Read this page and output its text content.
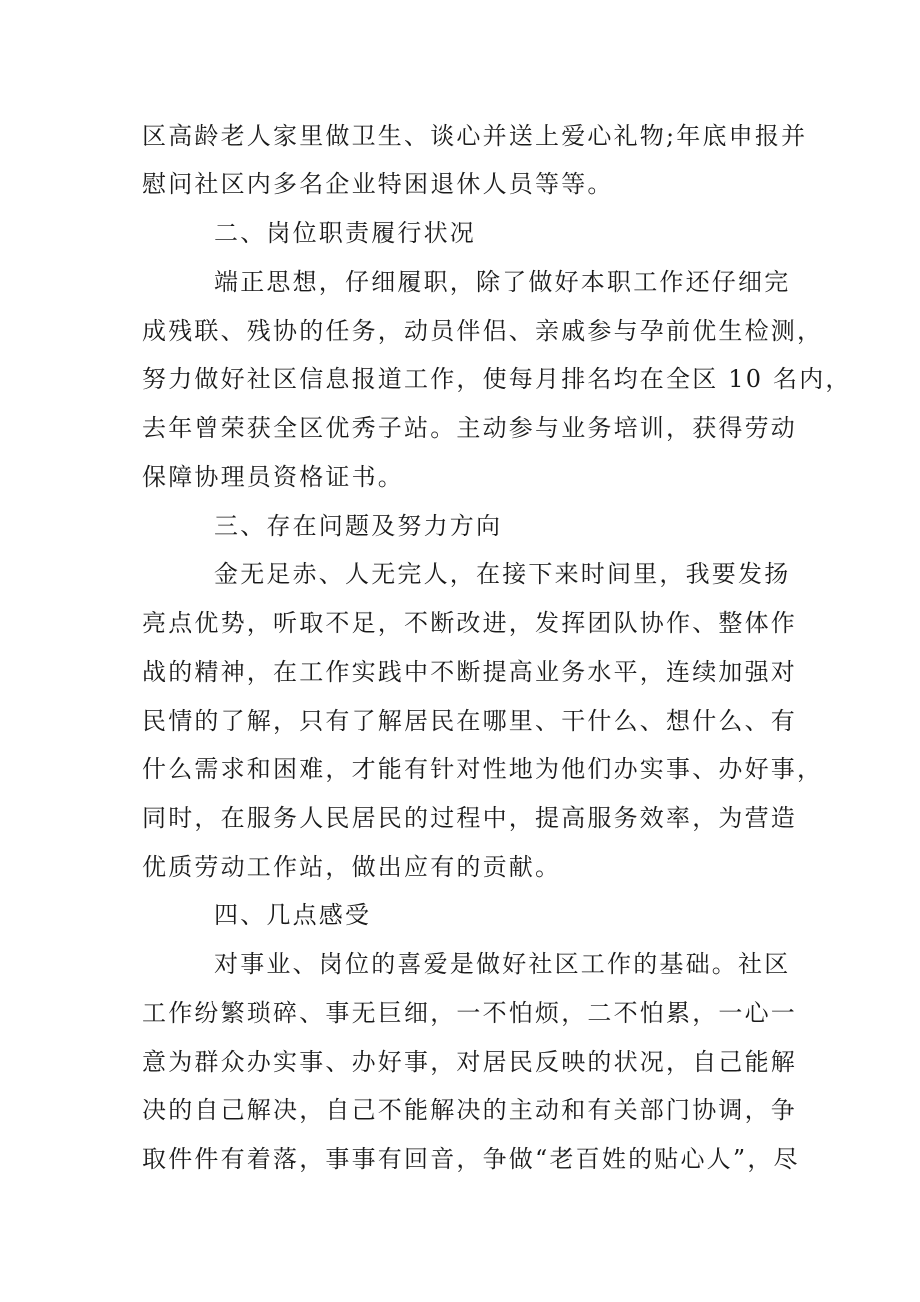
区高龄老人家里做卫生、谈心并送上爱心礼物;年底申报并
慰问社区内多名企业特困退休人员等等。
二、岗位职责履行状况
端正思想，仔细履职，除了做好本职工作还仔细完
成残联、残协的任务，动员伴侣、亲戚参与孕前优生检测，
努力做好社区信息报道工作，使每月排名均在全区 10 名内，
去年曾荣获全区优秀子站。主动参与业务培训，获得劳动
保障协理员资格证书。
三、存在问题及努力方向
金无足赤、人无完人，在接下来时间里，我要发扬
亮点优势，听取不足，不断改进，发挥团队协作、整体作
战的精神，在工作实践中不断提高业务水平，连续加强对
民情的了解，只有了解居民在哪里、干什么、想什么、有
什么需求和困难，才能有针对性地为他们办实事、办好事，
同时，在服务人民居民的过程中，提高服务效率，为营造
优质劳动工作站，做出应有的贡献。
四、几点感受
对事业、岗位的喜爱是做好社区工作的基础。社区
工作纷繁琐碎、事无巨细，一不怕烦，二不怕累，一心一
意为群众办实事、办好事，对居民反映的状况，自己能解
决的自己解决，自己不能解决的主动和有关部门协调，争
取件件有着落，事事有回音，争做“老百姓的贴心人”，尽
